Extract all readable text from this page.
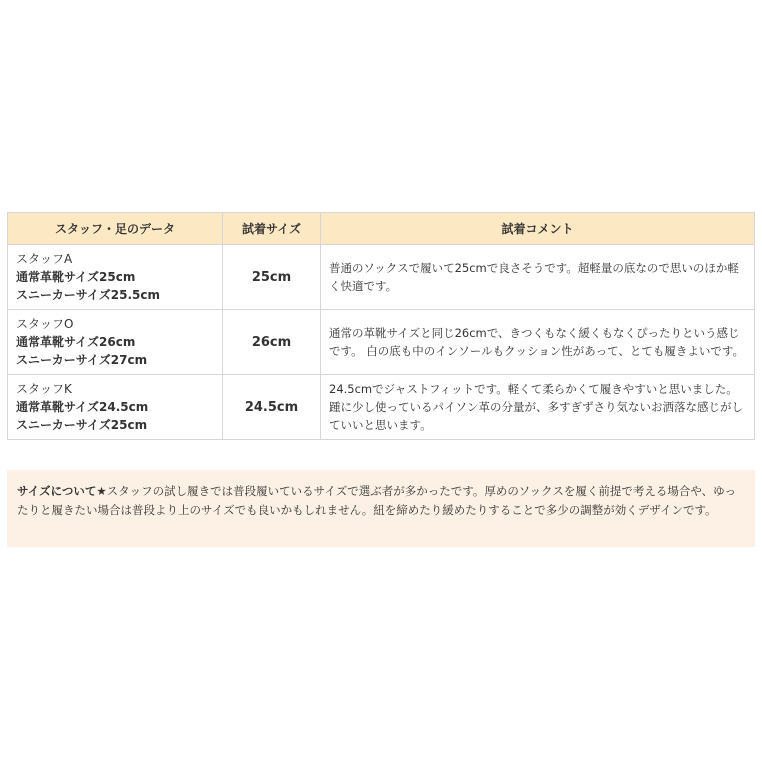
スタッフ・足のデータ	試着サイズ	試着コメント

スタッフA
通常革靴サイズ25cm
スニーカーサイズ25.5cm	25cm	普通のソックスで履いて25cmで良さそうです。超軽量の底なので思いのほか軽く快適です。

スタッフO
通常革靴サイズ26cm
スニーカーサイズ27cm	26cm	通常の革靴サイズと同じ26cmで、きつくもなく緩くもなくぴったりという感じです。 白の底も中のインソールもクッション性があって、とても履きよいです。

スタッフK
通常革靴サイズ24.5cm
スニーカーサイズ25cm	24.5cm	24.5cmでジャストフィットです。軽くて柔らかくて履きやすいと思いました。踵に少し使っているパイソン革の分量が、多すぎずさり気ないお洒落な感じがしていいと思います。
サイズについて★スタッフの試し履きでは普段履いているサイズで選ぶ者が多かったです。厚めのソックスを履く前提で考える場合や、ゆったりと履きたい場合は普段より上のサイズでも良いかもしれません。紐を締めたり緩めたりすることで多少の調整が効くデザインです。
